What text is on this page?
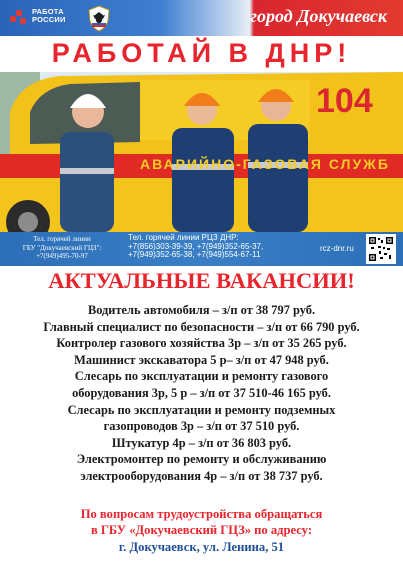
РАБОТА
РОССИИ	город Докучаевск
РАБОТАЙ В ДНР!
104
АВАРИЙНО-ГАЗОВАЯ СЛУЖБ
Тел. горячей линии
ГБУ "Докучаевский ГЦЗ":
+7(949)495-70-97
Тел. горячей линии РЦЗ ДНР:
+7(856)303-39-39, +7(949)352-65-37,
+7(949)352-65-38, +7(949)554-67-11
rcz-dnr.ru
АКТУАЛЬНЫЕ ВАКАНСИИ!
Водитель автомобиля – з/п от 38 797 руб.
Главный специалист по безопасности – з/п от 66 790 руб.
Контролер газового хозяйства 3р – з/п от 35 265 руб.
Машинист экскаватора 5 р– з/п от 47 948 руб.
Слесарь по эксплуатации и ремонту газового
оборудования 3р, 5 р – з/п от 37 510-46 165 руб.
Слесарь по эксплуатации и ремонту подземных
газопроводов 3р – з/п от 37 510 руб.
Штукатур 4р – з/п от 36 803 руб.
Электромонтер по ремонту и обслуживанию
электрооборудования 4р – з/п от 38 737 руб.
По вопросам трудоустройства обращаться
в ГБУ «Докучаевский ГЦЗ» по адресу:
г. Докучаевск, ул. Ленина, 51
